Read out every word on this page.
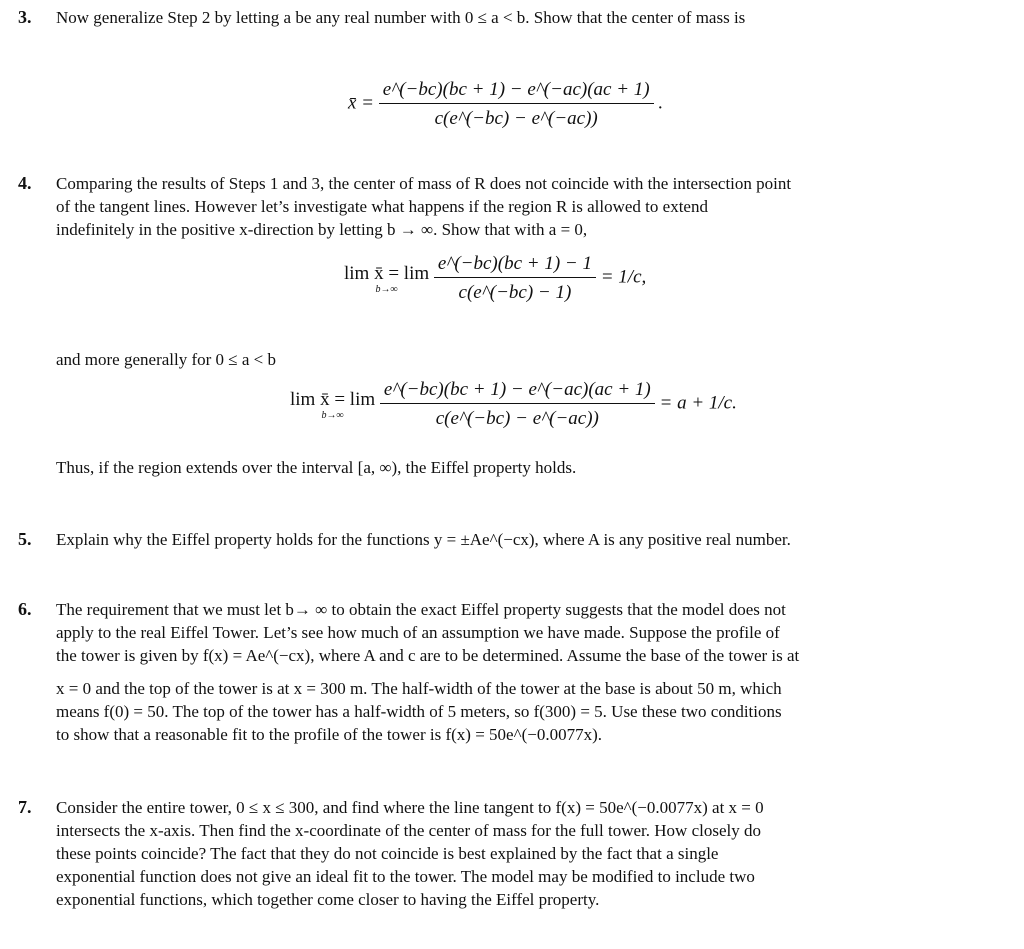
3. Now generalize Step 2 by letting a be any real number with 0 ≤ a < b. Show that the center of mass is
x̄ = $\frac{e\^{}(-bc)(bc + 1) - e\^{}(-ac)(ac + 1)}{c(e\^{}(-bc) - e\^{}(-ac))}$ .
4. Comparing the results of Steps 1 and 3, the center of mass of R does not coincide with the intersection point
of the tangent lines. However let’s investigate what happens if the region R is allowed to extend
indefinitely in the positive x-direction by letting b → ∞. Show that with a = 0,
lim x̄ = lim
b→∞
	$\frac{e\^{}(-bc)(bc + 1) - 1}{c(e\^{}(-bc) - 1)} = 1/c$,
and more generally for 0 ≤ a < b
lim x̄ = lim
b→∞
	$\frac{e\^{}(-bc)(bc + 1) - e\^{}(-ac)(ac + 1)}{c(e\^{}(-bc) - e\^{}(-ac))} = a + 1/c$.
Thus, if the region extends over the interval [a, ∞), the Eiffel property holds.
5. Explain why the Eiffel property holds for the functions y = ±Ae^(−cx), where A is any positive real number.
6. The requirement that we must let b→ ∞ to obtain the exact Eiffel property suggests that the model does not
apply to the real Eiffel Tower. Let’s see how much of an assumption we have made. Suppose the profile of
the tower is given by f(x) = Ae^(−cx), where A and c are to be determined. Assume the base of the tower is at
x = 0 and the top of the tower is at x = 300 m. The half-width of the tower at the base is about 50 m, which
means f(0) = 50. The top of the tower has a half-width of 5 meters, so f(300) = 5. Use these two conditions
to show that a reasonable fit to the profile of the tower is f(x) = 50e^(−0.0077x).
7. Consider the entire tower, 0 ≤ x ≤ 300, and find where the line tangent to f(x) = 50e^(−0.0077x) at x = 0
intersects the x-axis. Then find the x-coordinate of the center of mass for the full tower. How closely do
these points coincide? The fact that they do not coincide is best explained by the fact that a single
exponential function does not give an ideal fit to the tower. The model may be modified to include two
exponential functions, which together come closer to having the Eiffel property.
